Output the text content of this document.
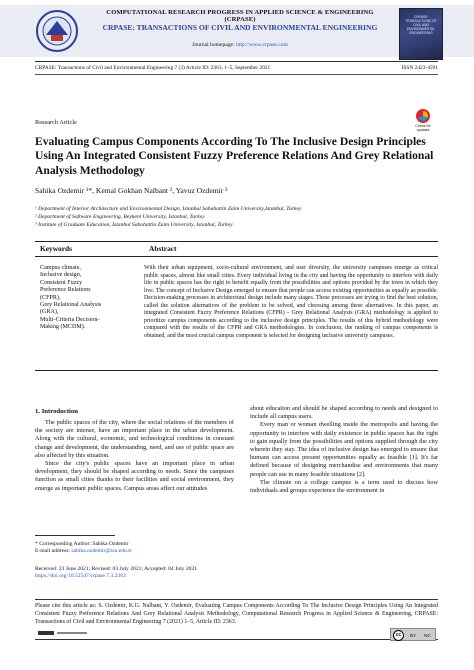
COMPUTATIONAL RESEARCH PROGRESS IN APPLIED SCIENCE & ENGINEERING (CRPASE)
CRPASE: TRANSACTIONS OF CIVIL AND ENVIRONMENTAL ENGINEERING
Journal homepage: http://www.crpase.com
CRPASE: TRANSACTIONS OF CIVIL AND ENVIRONMENTAL ENGINEERING
CRPASE: Transactions of Civil and Environmental Engineering 7 (3) Article ID: 2363, 1–5, September 2021	ISSN 2423-4591
Research Article	Check for updates
Evaluating Campus Components According To The Inclusive Design Principles Using An Integrated Consistent Fuzzy Preference Relations And Grey Relational Analysis Methodology
Sahika Ozdemir ¹*, Kemal Gokhan Nalbant ², Yavuz Ozdemir ³
¹ Department of Interior Architecture and Environmental Design, Istanbul Sabahattin Zaim University,Istanbul, Turkey
² Department of Software Engineering, Beykent University, Istanbul, Turkey
³ Institute of Graduate Education, Istanbul Sabahattin Zaim University, Istanbul, Turkey
Keywords	Abstract
Campus climate,
Inclusive design,
Consistent Fuzzy
Preference Relations
(CFPR),
Grey Relational Analysis
(GRA),
Multi-Criteria Decision-
Making (MCDM).
With their urban equipment, socio-cultural environment, and user diversity, the university campuses emerge as critical public spaces, almost like small cities. Every individual living in the city and having the opportunity to interfere with daily life in public spaces has the right to benefit equally from the possibilities and options provided by the town in which they live. The concept of Inclusive Design emerged to ensure that people can access existing opportunities as equally as possible. Decision-making processes in architectural design include many stages. These processes are trying to find the best solution, called the solution alternatives of the problem to be solved, and choosing among these alternatives. In this paper, an integrated Consistent Fuzzy Preference Relations (CFPR) - Grey Relational Analysis (GRA) methodology is applied to prioritize campus components according to the inclusive design principles. The results of this hybrid methodology were compared with the results of the CFPR and GRA methodologies. In conclusion, the ranking of campus components is obtained, and the most crucial campus component is selected for designing inclusive university campuses.
1. Introduction

The public spaces of the city, where the social relations of the members of the society are intense, have an important place in the urban development. Along with the cultural, economic, and technological conditions in constant change and development, the understanding, need, and use of public space are also affected by this situation.

Since the city's public spaces have an important place in urban development, they should be shaped according to needs. Since the campuses function as small cities thanks to their facilities and social environment, they emerge as important public spaces. Campus areas affect our attitudes

about education and should be shaped according to needs and designed to include all campus users.

Every man or woman dwelling inside the metropolis and having the opportunity to interfere with daily existence in public spaces has the right to gain equally from the possibilities and options supplied through the city wherein they stay. The idea of inclusive design has emerged to ensure that humans can access present opportunities equally as feasible [1]. It's far defined because of designing merchandise and environments that many people can use in many feasible situations [2].

The climate on a college campus is a term used to discuss how individuals and groups experience the environment in

* Corresponding Author: Sahika Ozdemir
E-mail address: sahika.ozdemir@izu.edu.tr
Received: 23 June 2021; Revised: 03 July 2021; Accepted: 04 July 2021
https://doi.org/10.52547/crpase.7.3.2363
Please cite this article as: S. Ozdemir, K.G. Nalbant, Y. Ozdemir, Evaluating Campus Components According To The Inclusive Design Principles Using An Integrated Consistent Fuzzy Preference Relations And Grey Relational Analysis Methodology, Computational Research Progress in Applied Science & Engineering, CRPASE: Transactions of Civil and Environmental Engineering 7 (2021) 1–5, Article ID: 2363.
cc	BY	NC
